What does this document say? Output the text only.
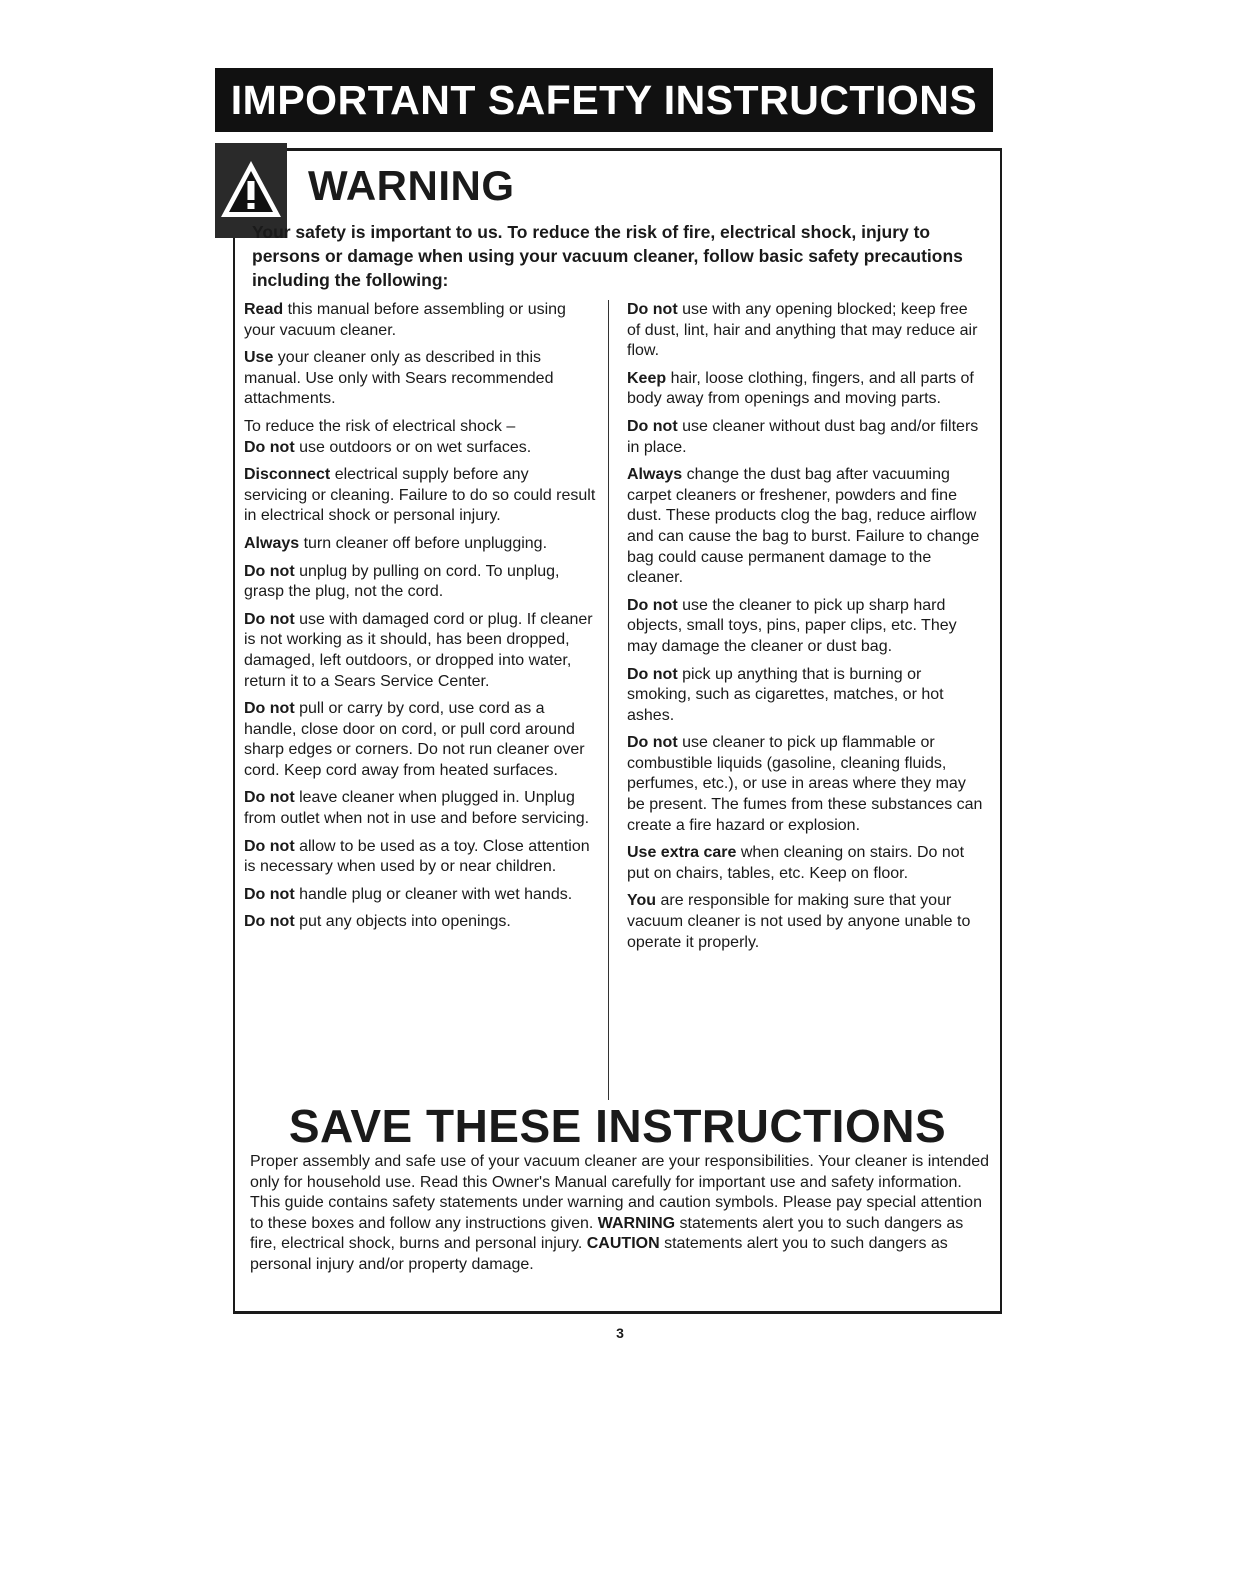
IMPORTANT SAFETY INSTRUCTIONS
WARNING
Your safety is important to us. To reduce the risk of fire, electrical shock, injury to persons or damage when using your vacuum cleaner, follow basic safety precautions including the following:
Read this manual before assembling or using your vacuum cleaner.
Use your cleaner only as described in this manual. Use only with Sears recommended attachments.
To reduce the risk of electrical shock –
Do not use outdoors or on wet surfaces.
Disconnect electrical supply before any servicing or cleaning. Failure to do so could result in electrical shock or personal injury.
Always turn cleaner off before unplugging.
Do not unplug by pulling on cord. To unplug, grasp the plug, not the cord.
Do not use with damaged cord or plug. If cleaner is not working as it should, has been dropped, damaged, left outdoors, or dropped into water, return it to a Sears Service Center.
Do not pull or carry by cord, use cord as a handle, close door on cord, or pull cord around sharp edges or corners. Do not run cleaner over cord. Keep cord away from heated surfaces.
Do not leave cleaner when plugged in. Unplug from outlet when not in use and before servicing.
Do not allow to be used as a toy. Close attention is necessary when used by or near children.
Do not handle plug or cleaner with wet hands.
Do not put any objects into openings.
Do not use with any opening blocked; keep free of dust, lint, hair and anything that may reduce air flow.
Keep hair, loose clothing, fingers, and all parts of body away from openings and moving parts.
Do not use cleaner without dust bag and/or filters in place.
Always change the dust bag after vacuuming carpet cleaners or freshener, powders and fine dust. These products clog the bag, reduce airflow and can cause the bag to burst. Failure to change bag could cause permanent damage to the cleaner.
Do not use the cleaner to pick up sharp hard objects, small toys, pins, paper clips, etc. They may damage the cleaner or dust bag.
Do not pick up anything that is burning or smoking, such as cigarettes, matches, or hot ashes.
Do not use cleaner to pick up flammable or combustible liquids (gasoline, cleaning fluids, perfumes, etc.), or use in areas where they may be present. The fumes from these substances can create a fire hazard or explosion.
Use extra care when cleaning on stairs. Do not put on chairs, tables, etc. Keep on floor.
You are responsible for making sure that your vacuum cleaner is not used by anyone unable to operate it properly.
SAVE THESE INSTRUCTIONS
Proper assembly and safe use of your vacuum cleaner are your responsibilities. Your cleaner is intended only for household use. Read this Owner's Manual carefully for important use and safety information. This guide contains safety statements under warning and caution symbols. Please pay special attention to these boxes and follow any instructions given. WARNING statements alert you to such dangers as fire, electrical shock, burns and personal injury. CAUTION statements alert you to such dangers as personal injury and/or property damage.
3
